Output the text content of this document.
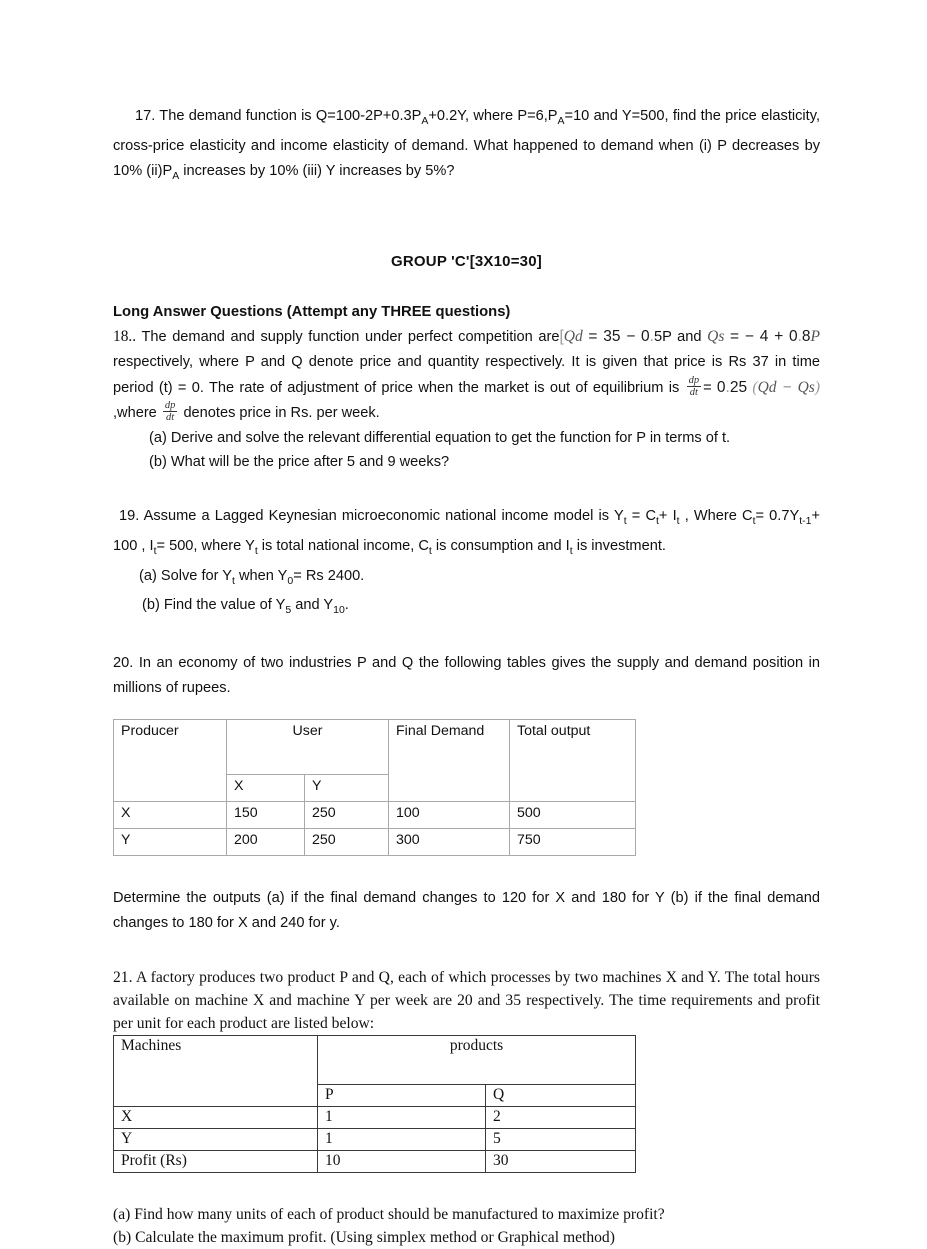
17. The demand function is $Q=100-2P+0.3P_A+0.2Y$, where $P=6,P_A=10$ and Y=500, find the price elasticity, cross-price elasticity and income elasticity of demand. What happened to demand when (i) P decreases by 10% $(ii)P_A$ increases by 10% (iii) Y increases by 5%?

GROUP 'C'[3X10=30]

Long Answer Questions (Attempt any THREE questions)

18.. The demand and supply function under perfect competition are[Qd = 35 − 0.5P and Qs = − 4 + 0.8P respectively, where P and Q denote price and quantity respectively. It is given that price is Rs 37 in time period (t) = 0. The rate of adjustment of price when the market is out of equilibrium is $\frac{dp}{dt} = 0.25$ (Qd − Qs) ,where $\frac{dp}{dt}$ denotes price in Rs. per week.

(a) Derive and solve the relevant differential equation to get the function for P in terms of t.
(b) What will be the price after 5 and 9 weeks?

19. Assume a Lagged Keynesian microeconomic national income model is $Y_t = C_t+ I_t$ , Where $C_t= 0.7Y_{t-1}+ 100$ , $I_t= 500$, where $Y_t$ is total national income, $C_t$ is consumption and $I_t$ is investment.

(a) Solve for $Y_t$ when $Y_0= Rs$ 2400.
(b) Find the value of $Y_5$ and $Y_{10}$.

20. In an economy of two industries P and Q the following tables gives the supply and demand position in millions of rupees.

Producer	User		Final Demand	Total output
	X	Y		
X	150	250	100	500
Y	200	250	300	750

Determine the outputs (a) if the final demand changes to 120 for X and 180 for Y (b) if the final demand changes to 180 for X and 240 for y.

21. A factory produces two product P and Q, each of which processes by two machines X and Y. The total hours available on machine X and machine Y per week are 20 and 35 respectively. The time requirements and profit per unit for each product are listed below:

Machines	products	
	P	Q
X	1	2
Y	1	5
Profit (Rs)	10	30

(a) Find how many units of each of product should be manufactured to maximize profit?

(b) Calculate the maximum profit. (Using simplex method or Graphical method)
